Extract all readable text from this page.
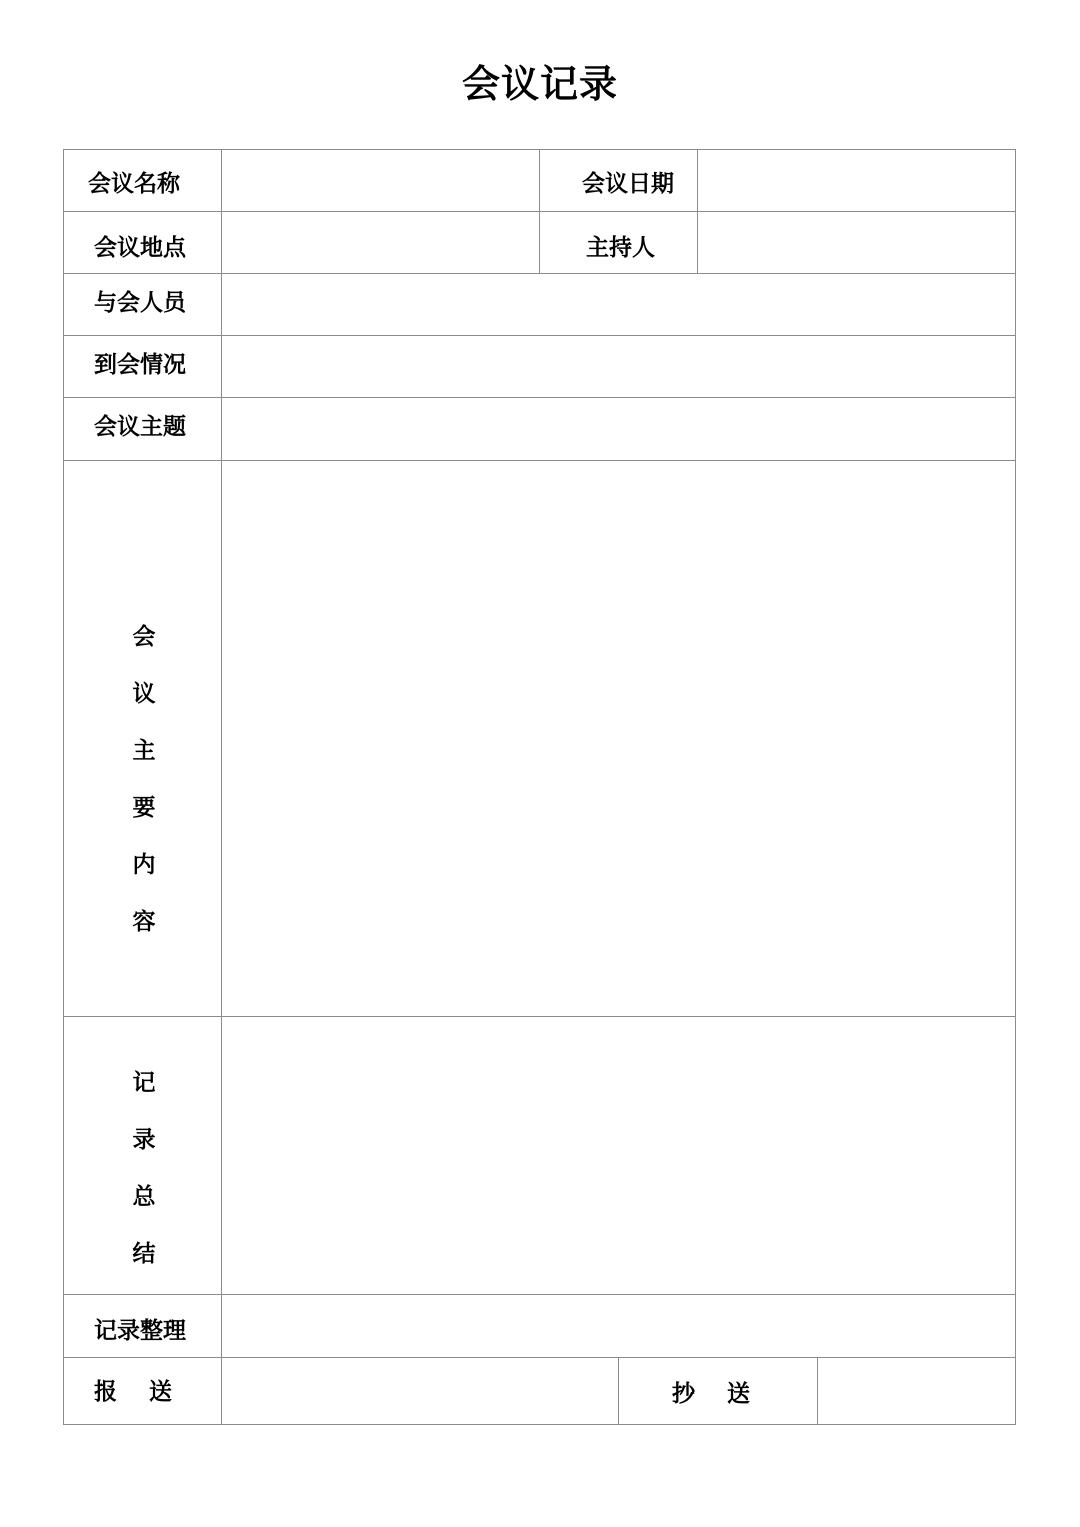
会议记录
会议名称	会议日期
会议地点	主持人
与会人员
到会情况
会议主题
会
议
主
要
内
容
记
录
总
结
记录整理
报    送	抄    送
